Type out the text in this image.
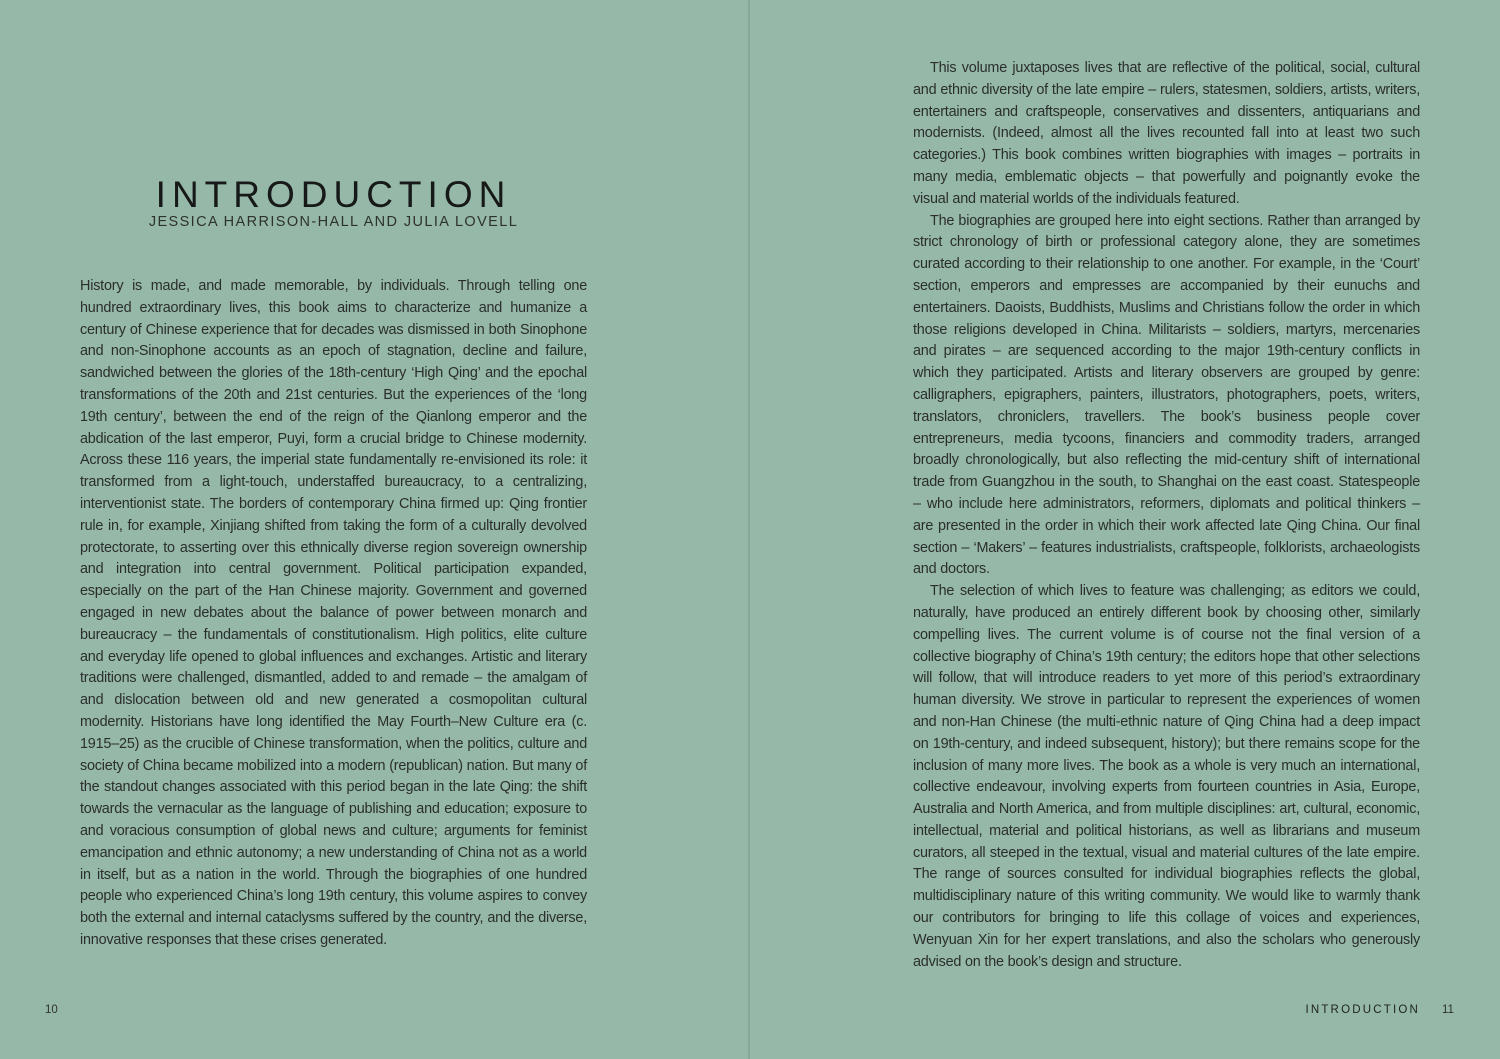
INTRODUCTION
JESSICA HARRISON-HALL AND JULIA LOVELL

History is made, and made memorable, by individuals. Through telling one hundred extraordinary lives, this book aims to characterize and humanize a century of Chinese experience that for decades was dismissed in both Sinophone and non-Sinophone accounts as an epoch of stagnation, decline and failure, sandwiched between the glories of the 18th-century ‘High Qing’ and the epochal transformations of the 20th and 21st centuries. But the experiences of the ‘long 19th century’, between the end of the reign of the Qianlong emperor and the abdication of the last emperor, Puyi, form a crucial bridge to Chinese modernity. Across these 116 years, the imperial state fundamentally re-envisioned its role: it transformed from a light-touch, understaffed bureaucracy, to a centralizing, interventionist state. The borders of contemporary China firmed up: Qing frontier rule in, for example, Xinjiang shifted from taking the form of a culturally devolved protectorate, to asserting over this ethnically diverse region sovereign ownership and integration into central government. Political participation expanded, especially on the part of the Han Chinese majority. Government and governed engaged in new debates about the balance of power between monarch and bureaucracy – the fundamentals of constitutionalism. High politics, elite culture and everyday life opened to global influences and exchanges. Artistic and literary traditions were challenged, dismantled, added to and remade – the amalgam of and dislocation between old and new generated a cosmopolitan cultural modernity. Historians have long identified the May Fourth–New Culture era (c. 1915–25) as the crucible of Chinese transformation, when the politics, culture and society of China became mobilized into a modern (republican) nation. But many of the standout changes associated with this period began in the late Qing: the shift towards the vernacular as the language of publishing and education; exposure to and voracious consumption of global news and culture; arguments for feminist emancipation and ethnic autonomy; a new understanding of China not as a world in itself, but as a nation in the world. Through the biographies of one hundred people who experienced China’s long 19th century, this volume aspires to convey both the external and internal cataclysms suffered by the country, and the diverse, innovative responses that these crises generated.

This volume juxtaposes lives that are reflective of the political, social, cultural and ethnic diversity of the late empire – rulers, statesmen, soldiers, artists, writers, entertainers and craftspeople, conservatives and dissenters, antiquarians and modernists. (Indeed, almost all the lives recounted fall into at least two such categories.) This book combines written biographies with images – portraits in many media, emblematic objects – that powerfully and poignantly evoke the visual and material worlds of the individuals featured.

The biographies are grouped here into eight sections. Rather than arranged by strict chronology of birth or professional category alone, they are sometimes curated according to their relationship to one another. For example, in the ‘Court’ section, emperors and empresses are accompanied by their eunuchs and entertainers. Daoists, Buddhists, Muslims and Christians follow the order in which those religions developed in China. Militarists – soldiers, martyrs, mercenaries and pirates – are sequenced according to the major 19th-century conflicts in which they participated. Artists and literary observers are grouped by genre: calligraphers, epigraphers, painters, illustrators, photographers, poets, writers, translators, chroniclers, travellers. The book’s business people cover entrepreneurs, media tycoons, financiers and commodity traders, arranged broadly chronologically, but also reflecting the mid-century shift of international trade from Guangzhou in the south, to Shanghai on the east coast. Statespeople – who include here administrators, reformers, diplomats and political thinkers – are presented in the order in which their work affected late Qing China. Our final section – ‘Makers’ – features industrialists, craftspeople, folklorists, archaeologists and doctors.

The selection of which lives to feature was challenging; as editors we could, naturally, have produced an entirely different book by choosing other, similarly compelling lives. The current volume is of course not the final version of a collective biography of China’s 19th century; the editors hope that other selections will follow, that will introduce readers to yet more of this period’s extraordinary human diversity. We strove in particular to represent the experiences of women and non-Han Chinese (the multi-ethnic nature of Qing China had a deep impact on 19th-century, and indeed subsequent, history); but there remains scope for the inclusion of many more lives. The book as a whole is very much an international, collective endeavour, involving experts from fourteen countries in Asia, Europe, Australia and North America, and from multiple disciplines: art, cultural, economic, intellectual, material and political historians, as well as librarians and museum curators, all steeped in the textual, visual and material cultures of the late empire. The range of sources consulted for individual biographies reflects the global, multidisciplinary nature of this writing community. We would like to warmly thank our contributors for bringing to life this collage of voices and experiences, Wenyuan Xin for her expert translations, and also the scholars who generously advised on the book’s design and structure.

10	INTRODUCTION 11
